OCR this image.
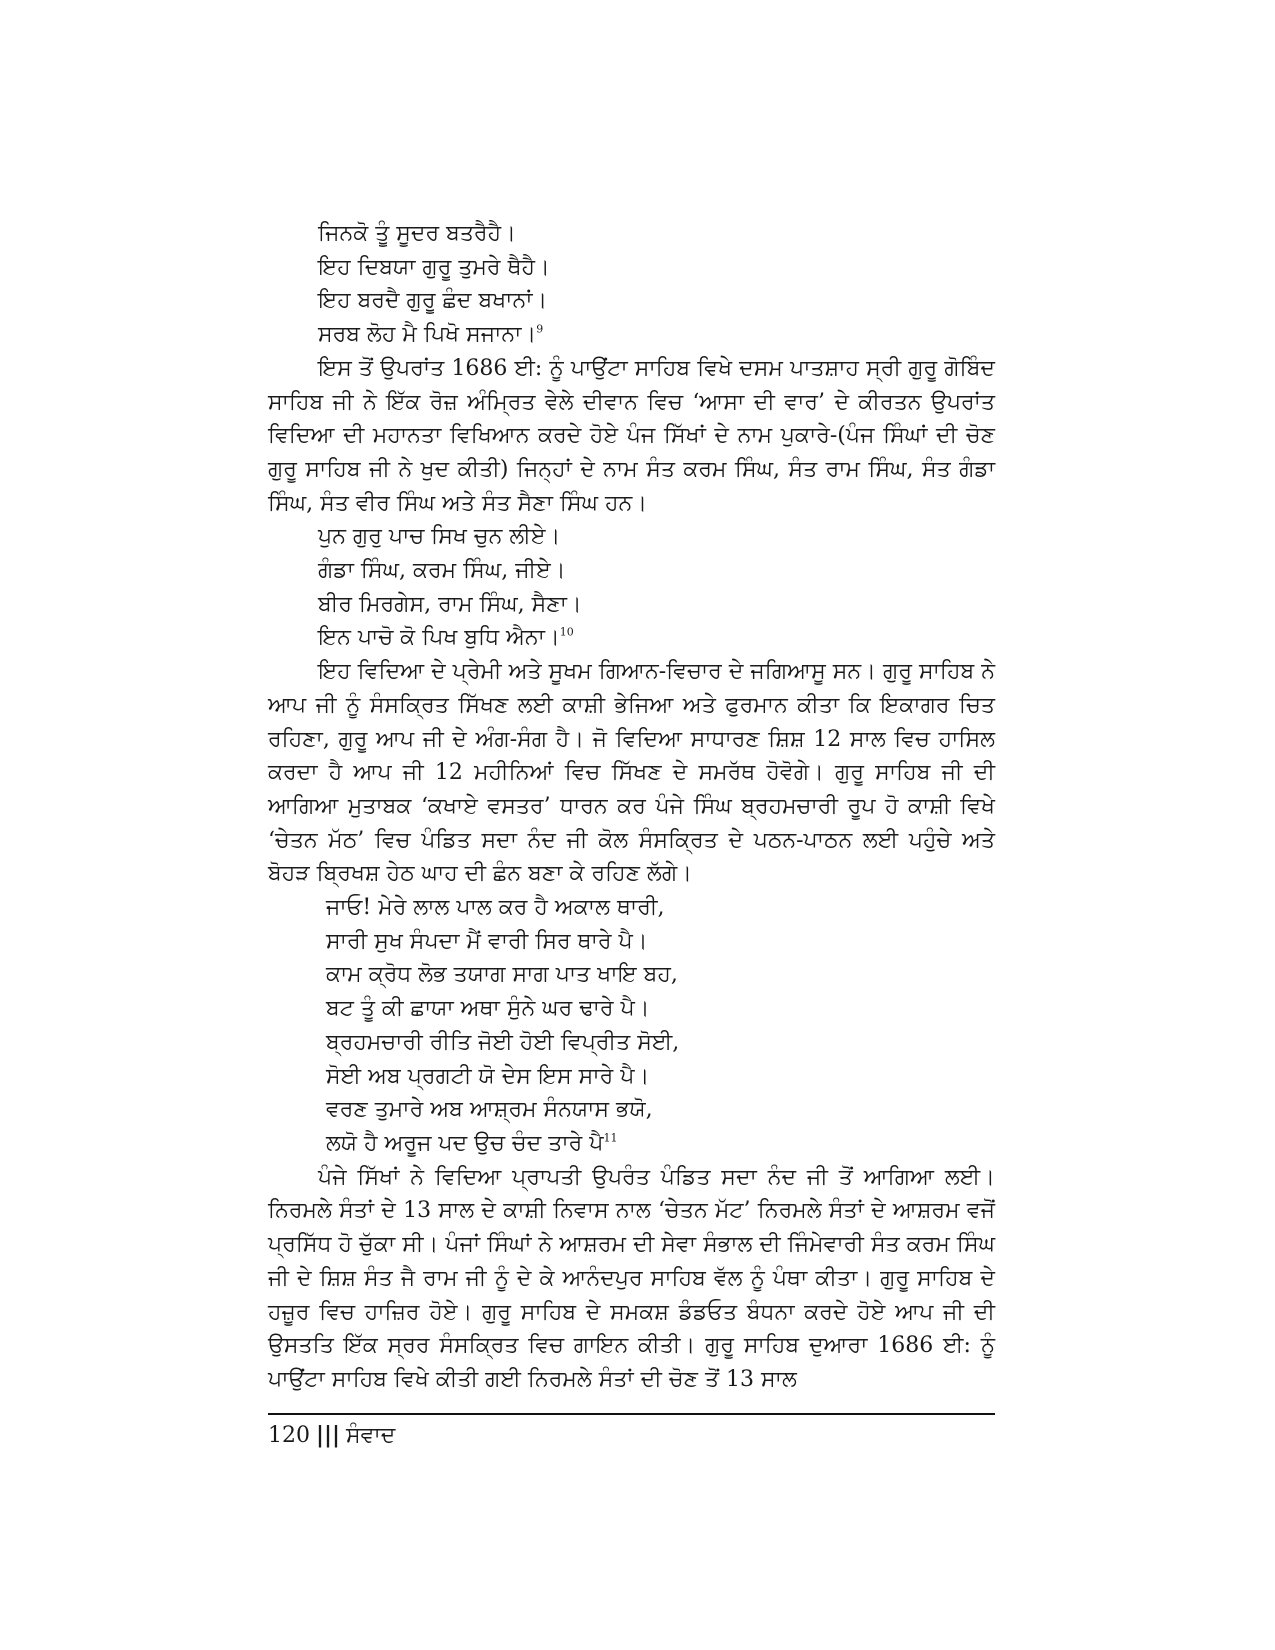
ਜਿਨਕੋ ਤੂੰ ਸੂਦਰ ਬਤਰੈਹੈ।
ਇਹ ਦਿਬਯਾ ਗੁਰੂ ਤੁਮਰੇ ਥੈਹੈ।
ਇਹ ਬਰਦੈ ਗੁਰੂ ਛੰਦ ਬਖਾਨਾਂ।
ਸਰਬ ਲੋਹ ਮੈ ਪਿਖੋ ਸਜਾਨਾ।$^9$

ਇਸ ਤੋਂ ਉਪਰਾਂਤ 1686 ਈ: ਨੂੰ ਪਾਉਂਟਾ ਸਾਹਿਬ ਵਿਖੇ ਦਸਮ ਪਾਤਸ਼ਾਹ ਸ੍ਰੀ ਗੁਰੂ ਗੋਬਿੰਦ ਸਾਹਿਬ ਜੀ ਨੇ ਇੱਕ ਰੋਜ਼ ਅੰਮ੍ਰਿਤ ਵੇਲੇ ਦੀਵਾਨ ਵਿਚ ‘ਆਸਾ ਦੀ ਵਾਰ’ ਦੇ ਕੀਰਤਨ ਉਪਰਾਂਤ ਵਿਦਿਆ ਦੀ ਮਹਾਨਤਾ ਵਿਖਿਆਨ ਕਰਦੇ ਹੋਏ ਪੰਜ ਸਿੱਖਾਂ ਦੇ ਨਾਮ ਪੁਕਾਰੇ-(ਪੰਜ ਸਿੰਘਾਂ ਦੀ ਚੋਣ ਗੁਰੂ ਸਾਹਿਬ ਜੀ ਨੇ ਖੁਦ ਕੀਤੀ) ਜਿਨ੍ਹਾਂ ਦੇ ਨਾਮ ਸੰਤ ਕਰਮ ਸਿੰਘ, ਸੰਤ ਰਾਮ ਸਿੰਘ, ਸੰਤ ਗੰਡਾ ਸਿੰਘ, ਸੰਤ ਵੀਰ ਸਿੰਘ ਅਤੇ ਸੰਤ ਸੈਣਾ ਸਿੰਘ ਹਨ।

ਪੁਨ ਗੁਰੁ ਪਾਚ ਸਿਖ ਚੁਨ ਲੀਏ।
ਗੰਡਾ ਸਿੰਘ, ਕਰਮ ਸਿੰਘ, ਜੀਏ।
ਬੀਰ ਮਿਰਗੇਸ, ਰਾਮ ਸਿੰਘ, ਸੈਣਾ।
ਇਨ ਪਾਚੋ ਕੋ ਪਿਖ ਬੁਧਿ ਐਨਾ।$^{10}$

ਇਹ ਵਿਦਿਆ ਦੇ ਪ੍ਰੇਮੀ ਅਤੇ ਸੂਖਮ ਗਿਆਨ-ਵਿਚਾਰ ਦੇ ਜਗਿਆਸੂ ਸਨ। ਗੁਰੂ ਸਾਹਿਬ ਨੇ ਆਪ ਜੀ ਨੂੰ ਸੰਸਕ੍ਰਿਤ ਸਿੱਖਣ ਲਈ ਕਾਸ਼ੀ ਭੇਜਿਆ ਅਤੇ ਫੁਰਮਾਨ ਕੀਤਾ ਕਿ ਇਕਾਗਰ ਚਿਤ ਰਹਿਣਾ, ਗੁਰੂ ਆਪ ਜੀ ਦੇ ਅੰਗ-ਸੰਗ ਹੈ। ਜੋ ਵਿਦਿਆ ਸਾਧਾਰਣ ਸ਼ਿਸ਼ 12 ਸਾਲ ਵਿਚ ਹਾਸਿਲ ਕਰਦਾ ਹੈ ਆਪ ਜੀ 12 ਮਹੀਨਿਆਂ ਵਿਚ ਸਿੱਖਣ ਦੇ ਸਮਰੱਥ ਹੋਵੋਗੇ। ਗੁਰੂ ਸਾਹਿਬ ਜੀ ਦੀ ਆਗਿਆ ਮੁਤਾਬਕ ‘ਕਖਾਏ ਵਸਤਰ’ ਧਾਰਨ ਕਰ ਪੰਜੇ ਸਿੰਘ ਬ੍ਰਹਮਚਾਰੀ ਰੂਪ ਹੋ ਕਾਸ਼ੀ ਵਿਖੇ ‘ਚੇਤਨ ਮੱਠ’ ਵਿਚ ਪੰਡਿਤ ਸਦਾ ਨੰਦ ਜੀ ਕੋਲ ਸੰਸਕ੍ਰਿਤ ਦੇ ਪਠਨ-ਪਾਠਨ ਲਈ ਪਹੁੰਚੇ ਅਤੇ ਬੋਹੜ ਬ੍ਰਿਖਸ਼ ਹੇਠ ਘਾਹ ਦੀ ਛੰਨ ਬਣਾ ਕੇ ਰਹਿਣ ਲੱਗੇ।

ਜਾਓ! ਮੇਰੇ ਲਾਲ ਪਾਲ ਕਰ ਹੈ ਅਕਾਲ ਥਾਰੀ,
ਸਾਰੀ ਸੁਖ ਸੰਪਦਾ ਮੈਂ ਵਾਰੀ ਸਿਰ ਥਾਰੇ ਪੈ।
ਕਾਮ ਕ੍ਰੋਧ ਲੋਭ ਤਯਾਗ ਸਾਗ ਪਾਤ ਖਾਇ ਬਹ,
ਬਟ ਤੂੰ ਕੀ ਛਾਯਾ ਅਥਾ ਸੁੰਨੇ ਘਰ ਢਾਰੇ ਪੈ।
ਬ੍ਰਹਮਚਾਰੀ ਰੀਤਿ ਜੋਈ ਹੋਈ ਵਿਪ੍ਰੀਤ ਸੋਈ,
ਸੋਈ ਅਬ ਪ੍ਰਗਟੀ ਯੋ ਦੇਸ ਇਸ ਸਾਰੇ ਪੈ।
ਵਰਣ ਤੁਮਾਰੇ ਅਬ ਆਸ਼੍ਰਮ ਸੰਨਯਾਸ ਭਯੋ,
ਲਯੋ ਹੈ ਅਰੂਜ ਪਦ ਉਚ ਚੰਦ ਤਾਰੇ ਪੈ$^{11}$

ਪੰਜੇ ਸਿੱਖਾਂ ਨੇ ਵਿਦਿਆ ਪ੍ਰਾਪਤੀ ਉਪਰੰਤ ਪੰਡਿਤ ਸਦਾ ਨੰਦ ਜੀ ਤੋਂ ਆਗਿਆ ਲਈ। ਨਿਰਮਲੇ ਸੰਤਾਂ ਦੇ 13 ਸਾਲ ਦੇ ਕਾਸ਼ੀ ਨਿਵਾਸ ਨਾਲ ‘ਚੇਤਨ ਮੱਟ’ ਨਿਰਮਲੇ ਸੰਤਾਂ ਦੇ ਆਸ਼ਰਮ ਵਜੋਂ ਪ੍ਰਸਿੱਧ ਹੋ ਚੁੱਕਾ ਸੀ। ਪੰਜਾਂ ਸਿੰਘਾਂ ਨੇ ਆਸ਼ਰਮ ਦੀ ਸੇਵਾ ਸੰਭਾਲ ਦੀ ਜਿੰਮੇਵਾਰੀ ਸੰਤ ਕਰਮ ਸਿੰਘ ਜੀ ਦੇ ਸ਼ਿਸ਼ ਸੰਤ ਜੈ ਰਾਮ ਜੀ ਨੂੰ ਦੇ ਕੇ ਆਨੰਦਪੁਰ ਸਾਹਿਬ ਵੱਲ ਨੂੰ ਪੰਥਾ ਕੀਤਾ। ਗੁਰੂ ਸਾਹਿਬ ਦੇ ਹਜ਼ੂਰ ਵਿਚ ਹਾਜ਼ਿਰ ਹੋਏ। ਗੁਰੂ ਸਾਹਿਬ ਦੇ ਸਮਕਸ਼ ਡੰਡਓਤ ਬੰਧਨਾ ਕਰਦੇ ਹੋਏ ਆਪ ਜੀ ਦੀ ਉਸਤਤਿ ਇੱਕ ਸ੍ਰਰ ਸੰਸਕ੍ਰਿਤ ਵਿਚ ਗਾਇਨ ਕੀਤੀ। ਗੁਰੂ ਸਾਹਿਬ ਦੁਆਰਾ 1686 ਈ: ਨੂੰ ਪਾਉਂਟਾ ਸਾਹਿਬ ਵਿਖੇ ਕੀਤੀ ਗਈ ਨਿਰਮਲੇ ਸੰਤਾਂ ਦੀ ਚੋਣ ਤੋਂ 13 ਸਾਲ

120 ||| ਸੰਵਾਦ
